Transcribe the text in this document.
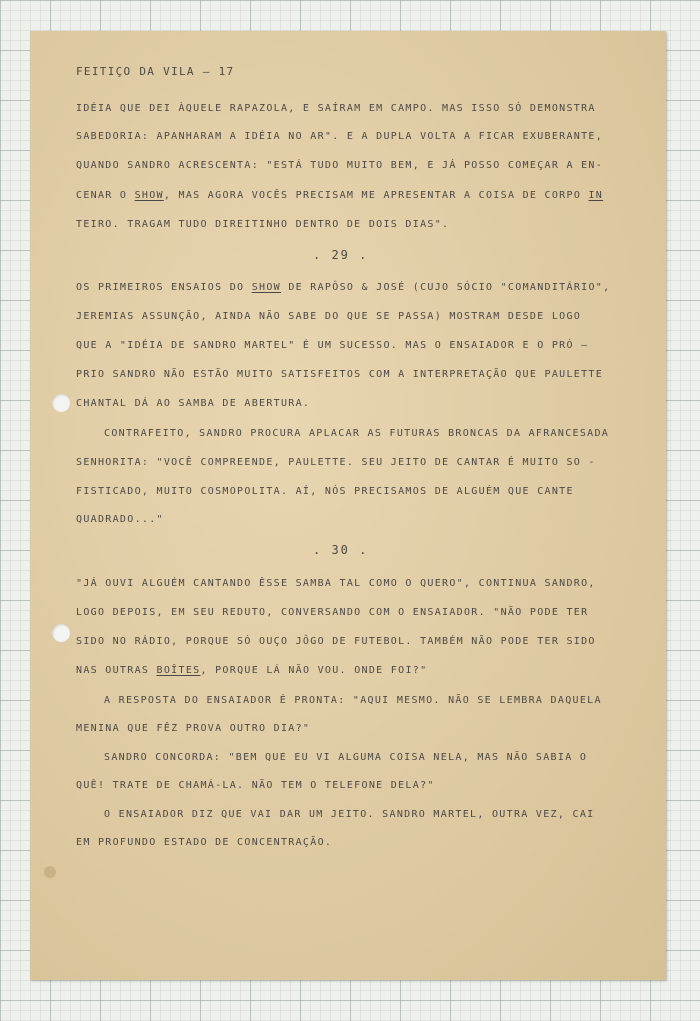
FEITIÇO DA VILA — 17
IDÉIA QUE DEI ÀQUELE RAPAZOLA, E SAÍRAM EM CAMPO. MAS ISSO SÓ DEMONSTRA
SABEDORIA: APANHARAM A IDÉIA NO AR". E A DUPLA VOLTA A FICAR EXUBERANTE,
QUANDO SANDRO ACRESCENTA: "ESTÁ TUDO MUITO BEM, E JÁ POSSO COMEÇAR A EN-
CENAR O SHOW, MAS AGORA VOCÊS PRECISAM ME APRESENTAR A COISA DE CORPO IN
TEIRO. TRAGAM TUDO DIREITINHO DENTRO DE DOIS DIAS".
. 29 .
OS PRIMEIROS ENSAIOS DO SHOW DE RAPÔSO & JOSÉ (CUJO SÓCIO "COMANDITÁRIO",
JEREMIAS ASSUNÇÃO, AINDA NÃO SABE DO QUE SE PASSA) MOSTRAM DESDE LOGO
QUE A "IDÉIA DE SANDRO MARTEL" É UM SUCESSO. MAS O ENSAIADOR E O PRÓ —
PRIO SANDRO NÃO ESTÃO MUITO SATISFEITOS COM A INTERPRETAÇÃO QUE PAULETTE
CHANTAL DÁ AO SAMBA DE ABERTURA.
CONTRAFEITO, SANDRO PROCURA APLACAR AS FUTURAS BRONCAS DA AFRANCESADA
SENHORITA: "VOCÊ COMPREENDE, PAULETTE. SEU JEITO DE CANTAR É MUITO SO -
FISTICADO, MUITO COSMOPOLITA. AÍ, NÓS PRECISAMOS DE ALGUÉM QUE CANTE
QUADRADO..."
. 30 .
"JÁ OUVI ALGUÉM CANTANDO ÊSSE SAMBA TAL COMO O QUERO", CONTINUA SANDRO,
LOGO DEPOIS, EM SEU REDUTO, CONVERSANDO COM O ENSAIADOR. "NÃO PODE TER
SIDO NO RÁDIO, PORQUE SÓ OUÇO JÔGO DE FUTEBOL. TAMBÉM NÃO PODE TER SIDO
NAS OUTRAS BOÎTES, PORQUE LÁ NÃO VOU. ONDE FOI?"
A RESPOSTA DO ENSAIADOR É PRONTA: "AQUI MESMO. NÃO SE LEMBRA DAQUELA
MENINA QUE FÊZ PROVA OUTRO DIA?"
SANDRO CONCORDA: "BEM QUE EU VI ALGUMA COISA NELA, MAS NÃO SABIA O
QUÊ! TRATE DE CHAMÁ-LA. NÃO TEM O TELEFONE DELA?"
O ENSAIADOR DIZ QUE VAI DAR UM JEITO. SANDRO MARTEL, OUTRA VEZ, CAI
EM PROFUNDO ESTADO DE CONCENTRAÇÃO.
